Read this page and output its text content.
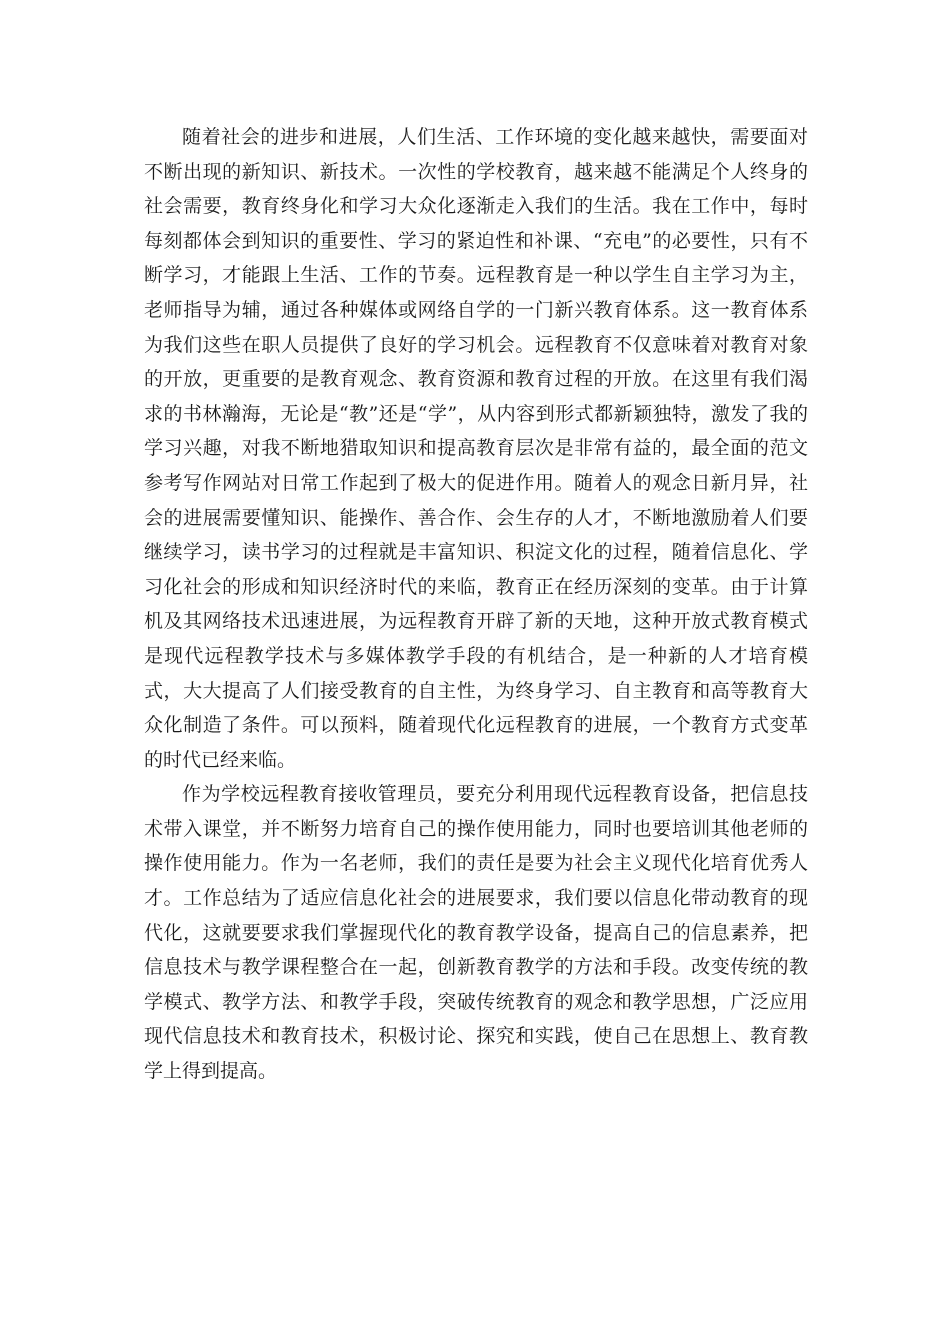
随着社会的进步和进展，人们生活、工作环境的变化越来越快，需要面对不断出现的新知识、新技术。一次性的学校教育，越来越不能满足个人终身的社会需要，教育终身化和学习大众化逐渐走入我们的生活。我在工作中，每时每刻都体会到知识的重要性、学习的紧迫性和补课、“充电”的必要性，只有不断学习，才能跟上生活、工作的节奏。远程教育是一种以学生自主学习为主，老师指导为辅，通过各种媒体或网络自学的一门新兴教育体系。这一教育体系为我们这些在职人员提供了良好的学习机会。远程教育不仅意味着对教育对象的开放，更重要的是教育观念、教育资源和教育过程的开放。在这里有我们渴求的书林瀚海，无论是“教”还是“学”，从内容到形式都新颖独特，激发了我的学习兴趣，对我不断地猎取知识和提高教育层次是非常有益的，最全面的范文参考写作网站对日常工作起到了极大的促进作用。随着人的观念日新月异，社会的进展需要懂知识、能操作、善合作、会生存的人才，不断地激励着人们要继续学习，读书学习的过程就是丰富知识、积淀文化的过程，随着信息化、学习化社会的形成和知识经济时代的来临，教育正在经历深刻的变革。由于计算机及其网络技术迅速进展，为远程教育开辟了新的天地，这种开放式教育模式是现代远程教学技术与多媒体教学手段的有机结合，是一种新的人才培育模式，大大提高了人们接受教育的自主性，为终身学习、自主教育和高等教育大众化制造了条件。可以预料，随着现代化远程教育的进展，一个教育方式变革的时代已经来临。

作为学校远程教育接收管理员，要充分利用现代远程教育设备，把信息技术带入课堂，并不断努力培育自己的操作使用能力，同时也要培训其他老师的操作使用能力。作为一名老师，我们的责任是要为社会主义现代化培育优秀人才。工作总结为了适应信息化社会的进展要求，我们要以信息化带动教育的现代化，这就要要求我们掌握现代化的教育教学设备，提高自己的信息素养，把信息技术与教学课程整合在一起，创新教育教学的方法和手段。改变传统的教学模式、教学方法、和教学手段，突破传统教育的观念和教学思想，广泛应用现代信息技术和教育技术，积极讨论、探究和实践，使自己在思想上、教育教学上得到提高。
